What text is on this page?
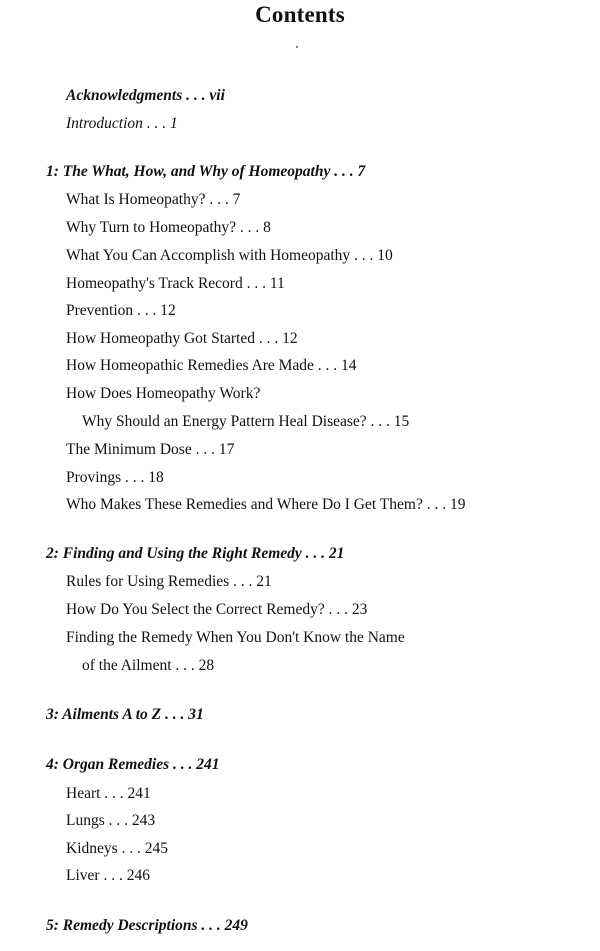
Contents
Acknowledgments . . . vii
Introduction . . . 1
1: The What, How, and Why of Homeopathy . . . 7
What Is Homeopathy? . . . 7
Why Turn to Homeopathy? . . . 8
What You Can Accomplish with Homeopathy . . . 10
Homeopathy's Track Record . . . 11
Prevention . . . 12
How Homeopathy Got Started . . . 12
How Homeopathic Remedies Are Made . . . 14
How Does Homeopathy Work?
Why Should an Energy Pattern Heal Disease? . . . 15
The Minimum Dose . . . 17
Provings . . . 18
Who Makes These Remedies and Where Do I Get Them? . . . 19
2: Finding and Using the Right Remedy . . . 21
Rules for Using Remedies . . . 21
How Do You Select the Correct Remedy? . . . 23
Finding the Remedy When You Don't Know the Name
of the Ailment . . . 28
3: Ailments A to Z . . . 31
4: Organ Remedies . . . 241
Heart . . . 241
Lungs . . . 243
Kidneys . . . 245
Liver . . . 246
5: Remedy Descriptions . . . 249
